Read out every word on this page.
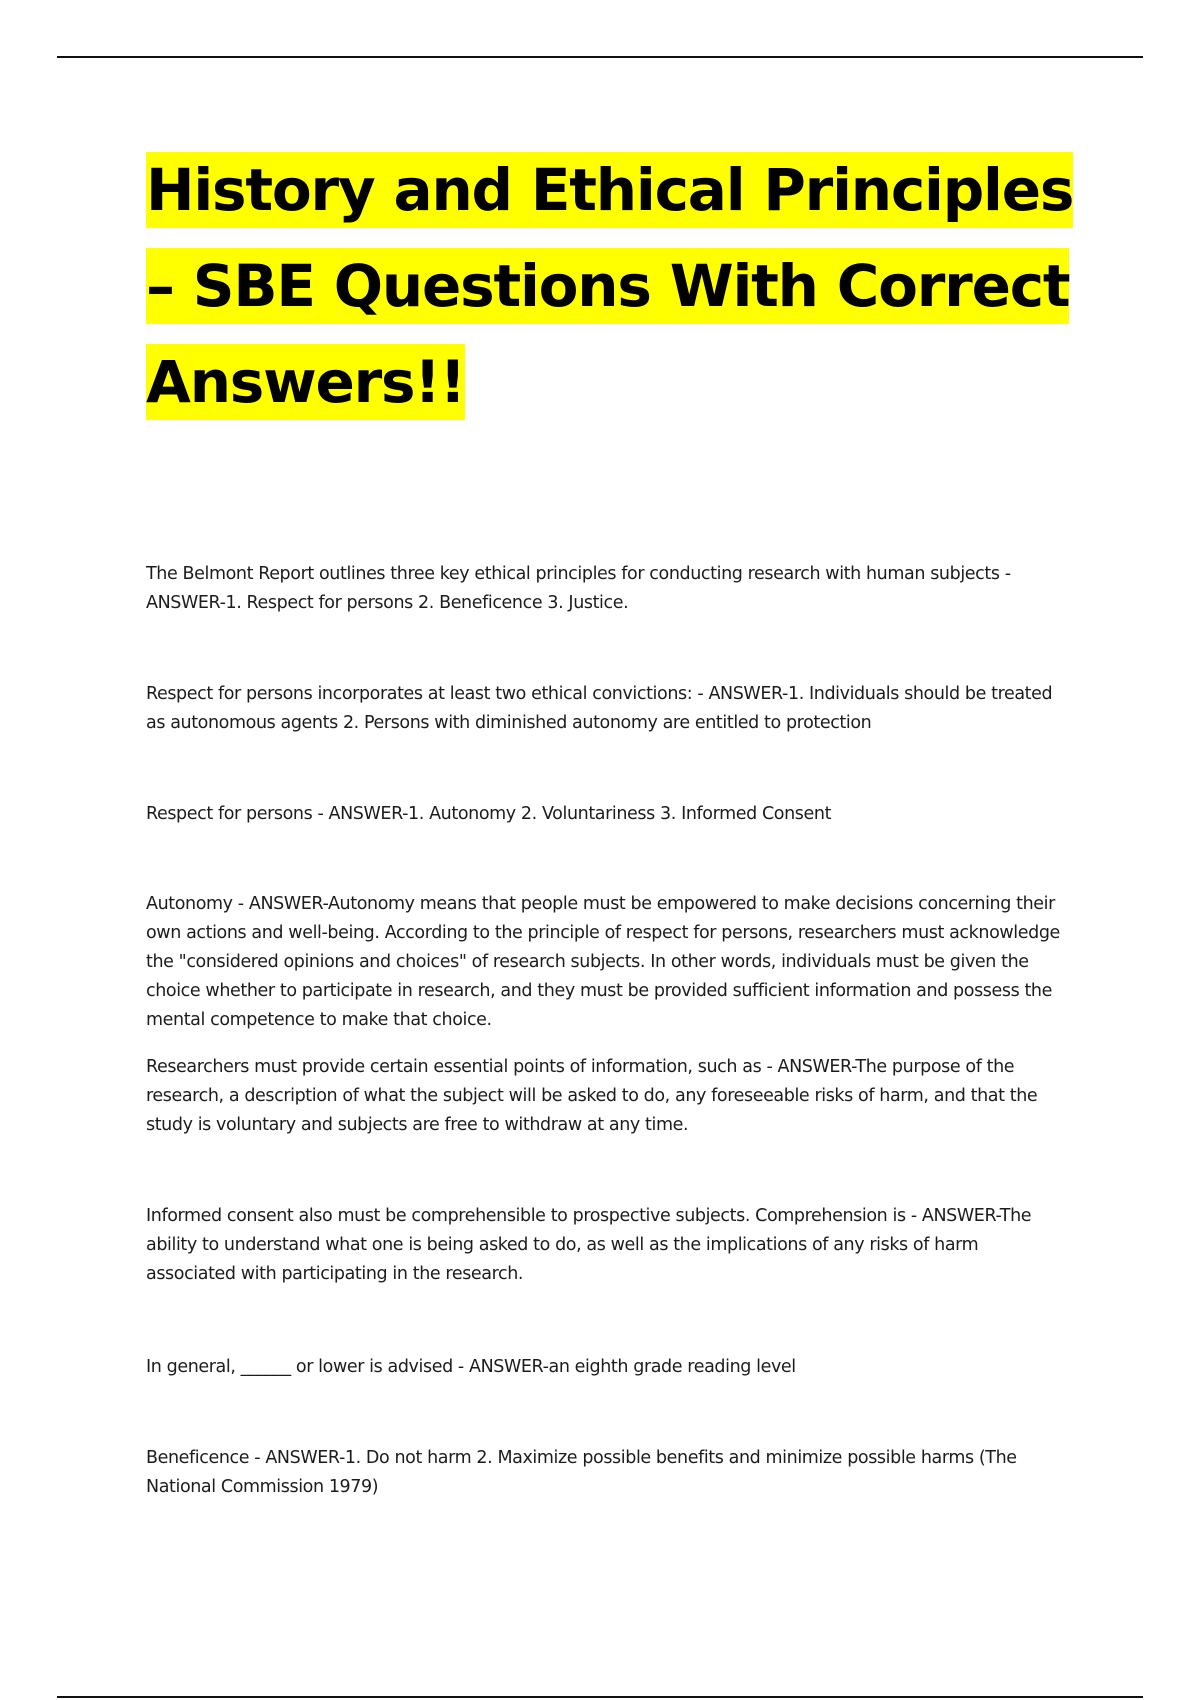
History and Ethical Principles
– SBE Questions With Correct
Answers!!

The Belmont Report outlines three key ethical principles for conducting research with human subjects - ANSWER-1. Respect for persons 2. Beneficence 3. Justice.

Respect for persons incorporates at least two ethical convictions: - ANSWER-1. Individuals should be treated as autonomous agents 2. Persons with diminished autonomy are entitled to protection

Respect for persons - ANSWER-1. Autonomy 2. Voluntariness 3. Informed Consent

Autonomy - ANSWER-Autonomy means that people must be empowered to make decisions concerning their own actions and well-being. According to the principle of respect for persons, researchers must acknowledge the "considered opinions and choices" of research subjects. In other words, individuals must be given the choice whether to participate in research, and they must be provided sufficient information and possess the mental competence to make that choice.

Researchers must provide certain essential points of information, such as - ANSWER-The purpose of the research, a description of what the subject will be asked to do, any foreseeable risks of harm, and that the study is voluntary and subjects are free to withdraw at any time.

Informed consent also must be comprehensible to prospective subjects. Comprehension is - ANSWER-The ability to understand what one is being asked to do, as well as the implications of any risks of harm associated with participating in the research.

In general, ______ or lower is advised - ANSWER-an eighth grade reading level

Beneficence - ANSWER-1. Do not harm 2. Maximize possible benefits and minimize possible harms (The National Commission 1979)
